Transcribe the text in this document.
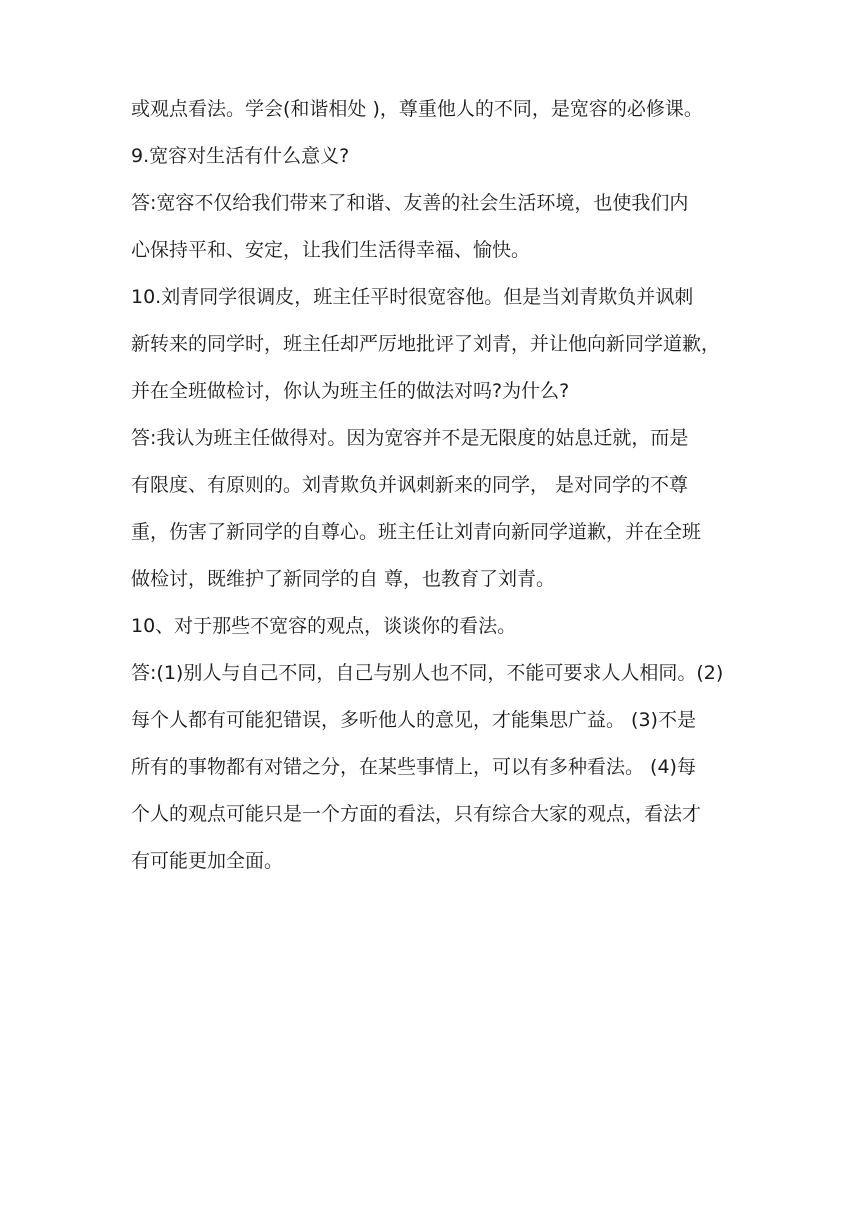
或观点看法。学会(和谐相处 )，尊重他人的不同，是宽容的必修课。
9.宽容对生活有什么意义?
答:宽容不仅给我们带来了和谐、友善的社会生活环境，也使我们内
心保持平和、安定，让我们生活得幸福、愉快。
10.刘青同学很调皮，班主任平时很宽容他。但是当刘青欺负并讽刺
新转来的同学时，班主任却严厉地批评了刘青，并让他向新同学道歉，
并在全班做检讨，你认为班主任的做法对吗?为什么?
答:我认为班主任做得对。因为宽容并不是无限度的姑息迁就，而是
有限度、有原则的。刘青欺负并讽刺新来的同学， 是对同学的不尊
重，伤害了新同学的自尊心。班主任让刘青向新同学道歉，并在全班
做检讨，既维护了新同学的自 尊，也教育了刘青。
10、对于那些不宽容的观点，谈谈你的看法。
答:(1)别人与自己不同，自己与别人也不同，不能可要求人人相同。(2)
每个人都有可能犯错误，多听他人的意见，才能集思广益。 (3)不是
所有的事物都有对错之分，在某些事情上，可以有多种看法。 (4)每
个人的观点可能只是一个方面的看法，只有综合大家的观点，看法才
有可能更加全面。
